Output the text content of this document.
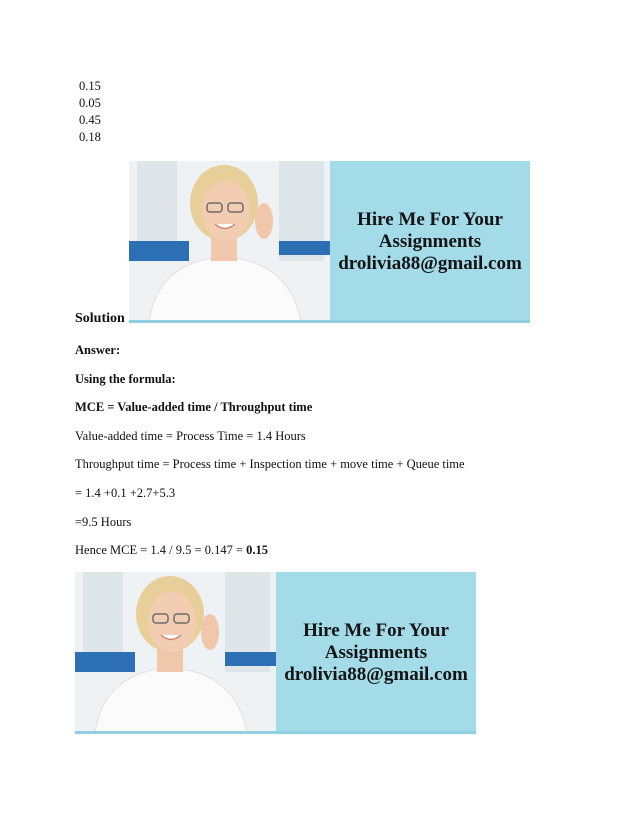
0.15
0.05
0.45
0.18
Hire Me For Your
Assignments
drolivia88@gmail.com
Solution
Answer:
Using the formula:
MCE = Value-added time / Throughput time
Value-added time = Process Time = 1.4 Hours
Throughput time = Process time + Inspection time + move time + Queue time
= 1.4 +0.1 +2.7+5.3
=9.5 Hours
Hence MCE = 1.4 / 9.5 = 0.147 = 0.15
Hire Me For Your
Assignments
drolivia88@gmail.com
